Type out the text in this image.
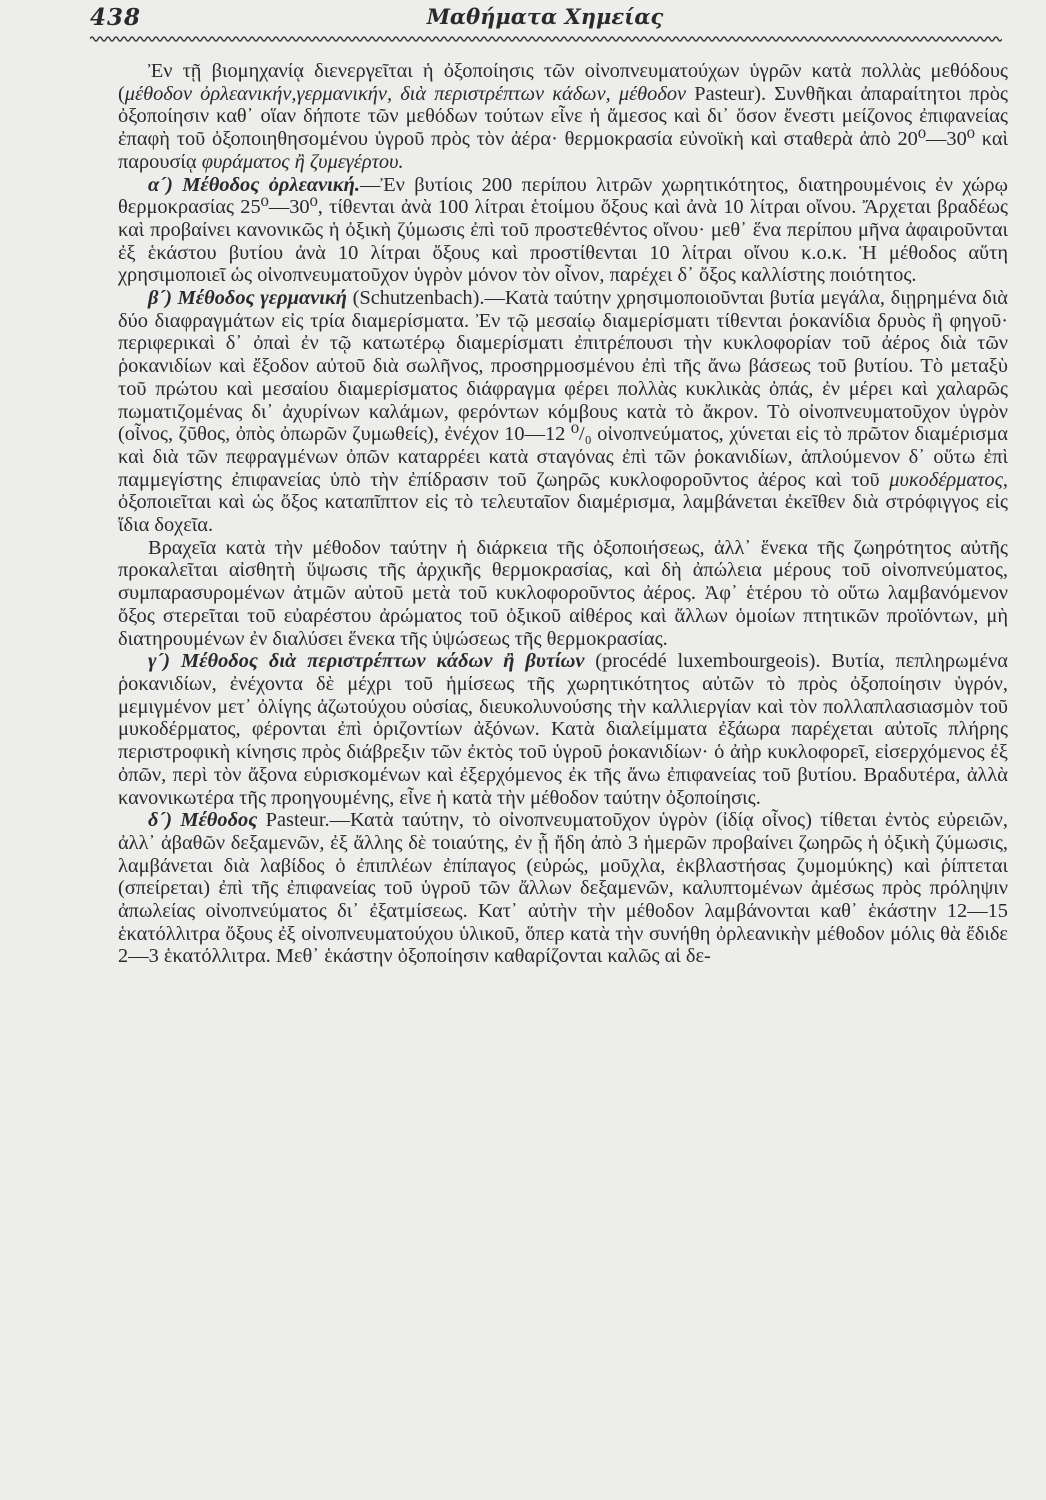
438	Μαθήματα Χημείας

Ἐν τῇ βιομηχανίᾳ διενεργεῖται ἡ ὀξοποίησις τῶν οἰνοπνευματούχων ὑγρῶν κατὰ πολλὰς μεθόδους (μέθοδον ὀρλεανικήν,γερμανικήν, διὰ περιστρέπτων κάδων, μέθοδον Pasteur). Συνθῆκαι ἀπαραίτητοι πρὸς ὀξοποίησιν καθ᾿ οἵαν δήποτε τῶν μεθόδων τούτων εἶνε ἡ ἄμεσος καὶ δι᾿ ὅσον ἔνεστι μείζονος ἐπιφανείας ἐπαφὴ τοῦ ὀξοποιηθησομένου ὑγροῦ πρὸς τὸν ἀέρα· θερμοκρασία εὐνοϊκὴ καὶ σταθερὰ ἀπὸ 20⁰—30⁰ καὶ παρουσίᾳ φυράματος ἢ ζυμεγέρτου.

α´) Μέθοδος ὀρλεανική.—Ἐν βυτίοις 200 περίπου λιτρῶν χωρητικότητος, διατηρουμένοις ἐν χώρῳ θερμοκρασίας 25⁰—30⁰, τίθενται ἀνὰ 100 λίτραι ἑτοίμου ὄξους καὶ ἀνὰ 10 λίτραι οἴνου. Ἄρχεται βραδέως καὶ προβαίνει κανονικῶς ἡ ὀξικὴ ζύμωσις ἐπὶ τοῦ προστεθέντος οἴνου· μεθ᾿ ἕνα περίπου μῆνα ἀφαιροῦνται ἐξ ἑκάστου βυτίου ἀνὰ 10 λίτραι ὄξους καὶ προστίθενται 10 λίτραι οἴνου κ.ο.κ. Ἡ μέθοδος αὕτη χρησιμοποιεῖ ὡς οἰνοπνευματοῦχον ὑγρὸν μόνον τὸν οἶνον, παρέχει δ᾿ ὄξος καλλίστης ποιότητος.

β´) Μέθοδος γερμανική (Schutzenbach).—Κατὰ ταύτην χρησιμοποιοῦνται βυτία μεγάλα, διῃρημένα διὰ δύο διαφραγμάτων εἰς τρία διαμερίσματα. Ἐν τῷ μεσαίῳ διαμερίσματι τίθενται ῥοκανίδια δρυὸς ἢ φηγοῦ· περιφερικαὶ δ᾿ ὀπαὶ ἐν τῷ κατωτέρῳ διαμερίσματι ἐπιτρέπουσι τὴν κυκλοφορίαν τοῦ ἀέρος διὰ τῶν ῥοκανιδίων καὶ ἔξοδον αὐτοῦ διὰ σωλῆνος, προσηρμοσμένου ἐπὶ τῆς ἄνω βάσεως τοῦ βυτίου. Τὸ μεταξὺ τοῦ πρώτου καὶ μεσαίου διαμερίσματος διάφραγμα φέρει πολλὰς κυκλικὰς ὀπάς, ἐν μέρει καὶ χαλαρῶς πωματιζομένας δι᾿ ἀχυρίνων καλάμων, φερόντων κόμβους κατὰ τὸ ἄκρον. Τὸ οἰνοπνευματοῦχον ὑγρὸν (οἶνος, ζῦθος, ὀπὸς ὀπωρῶν ζυμωθείς), ἐνέχον 10—12 ⁰/₀ οἰνοπνεύματος, χύνεται εἰς τὸ πρῶτον διαμέρισμα καὶ διὰ τῶν πεφραγμένων ὀπῶν καταρρέει κατὰ σταγόνας ἐπὶ τῶν ῥοκανιδίων, ἁπλούμενον δ᾿ οὕτω ἐπὶ παμμεγίστης ἐπιφανείας ὑπὸ τὴν ἐπίδρασιν τοῦ ζωηρῶς κυκλοφοροῦντος ἀέρος καὶ τοῦ μυκοδέρματος, ὀξοποιεῖται καὶ ὡς ὄξος καταπῖπτον εἰς τὸ τελευταῖον διαμέρισμα, λαμβάνεται ἐκεῖθεν διὰ στρόφιγγος εἰς ἴδια δοχεῖα.

Βραχεῖα κατὰ τὴν μέθοδον ταύτην ἡ διάρκεια τῆς ὀξοποιήσεως, ἀλλ᾿ ἕνεκα τῆς ζωηρότητος αὐτῆς προκαλεῖται αἰσθητὴ ὕψωσις τῆς ἀρχικῆς θερμοκρασίας, καὶ δὴ ἀπώλεια μέρους τοῦ οἰνοπνεύματος, συμπαρασυρομένων ἀτμῶν αὐτοῦ μετὰ τοῦ κυκλοφοροῦντος ἀέρος. Ἀφ᾿ ἑτέρου τὸ οὕτω λαμβανόμενον ὄξος στερεῖται τοῦ εὐαρέστου ἀρώματος τοῦ ὀξικοῦ αἰθέρος καὶ ἄλλων ὁμοίων πτητικῶν προϊόντων, μὴ διατηρουμένων ἐν διαλύσει ἕνεκα τῆς ὑψώσεως τῆς θερμοκρασίας.

γ´) Μέθοδος διὰ περιστρέπτων κάδων ἢ βυτίων (procédé luxembourgeois). Βυτία, πεπληρωμένα ῥοκανιδίων, ἐνέχοντα δὲ μέχρι τοῦ ἡμίσεως τῆς χωρητικότητος αὐτῶν τὸ πρὸς ὀξοποίησιν ὑγρόν, μεμιγμένον μετ᾿ ὀλίγης ἀζωτούχου οὐσίας, διευκολυνούσης τὴν καλλιεργίαν καὶ τὸν πολλαπλασιασμὸν τοῦ μυκοδέρματος, φέρονται ἐπὶ ὁριζοντίων ἀξόνων. Κατὰ διαλείμματα ἐξάωρα παρέχεται αὐτοῖς πλήρης περιστροφικὴ κίνησις πρὸς διάβρεξιν τῶν ἐκτὸς τοῦ ὑγροῦ ῥοκανιδίων· ὁ ἀὴρ κυκλοφορεῖ, εἰσερχόμενος ἐξ ὀπῶν, περὶ τὸν ἄξονα εὑρισκομένων καὶ ἐξερχόμενος ἐκ τῆς ἄνω ἐπιφανείας τοῦ βυτίου. Βραδυτέρα, ἀλλὰ κανονικωτέρα τῆς προηγουμένης, εἶνε ἡ κατὰ τὴν μέθοδον ταύτην ὀξοποίησις.

δ´) Μέθοδος Pasteur.—Κατὰ ταύτην, τὸ οἰνοπνευματοῦχον ὑγρὸν (ἰδίᾳ οἶνος) τίθεται ἐντὸς εὐρειῶν, ἀλλ᾿ ἀβαθῶν δεξαμενῶν, ἐξ ἄλλης δὲ τοιαύτης, ἐν ᾗ ἤδη ἀπὸ 3 ἡμερῶν προβαίνει ζωηρῶς ἡ ὀξικὴ ζύμωσις, λαμβάνεται διὰ λαβίδος ὁ ἐπιπλέων ἐπίπαγος (εὐρώς, μοῦχλα, ἐκβλαστήσας ζυμομύκης) καὶ ῥίπτεται (σπείρεται) ἐπὶ τῆς ἐπιφανείας τοῦ ὑγροῦ τῶν ἄλλων δεξαμενῶν, καλυπτομένων ἀμέσως πρὸς πρόληψιν ἀπωλείας οἰνοπνεύματος δι᾿ ἐξατμίσεως. Κατ᾿ αὐτὴν τὴν μέθοδον λαμβάνονται καθ᾿ ἑκάστην 12—15 ἑκατόλλιτρα ὄξους ἐξ οἰνοπνευματούχου ὑλικοῦ, ὅπερ κατὰ τὴν συνήθη ὀρλεανικὴν μέθοδον μόλις θὰ ἔδιδε 2—3 ἑκατόλλιτρα. Μεθ᾿ ἑκάστην ὀξοποίησιν καθαρίζονται καλῶς αἱ δε-
